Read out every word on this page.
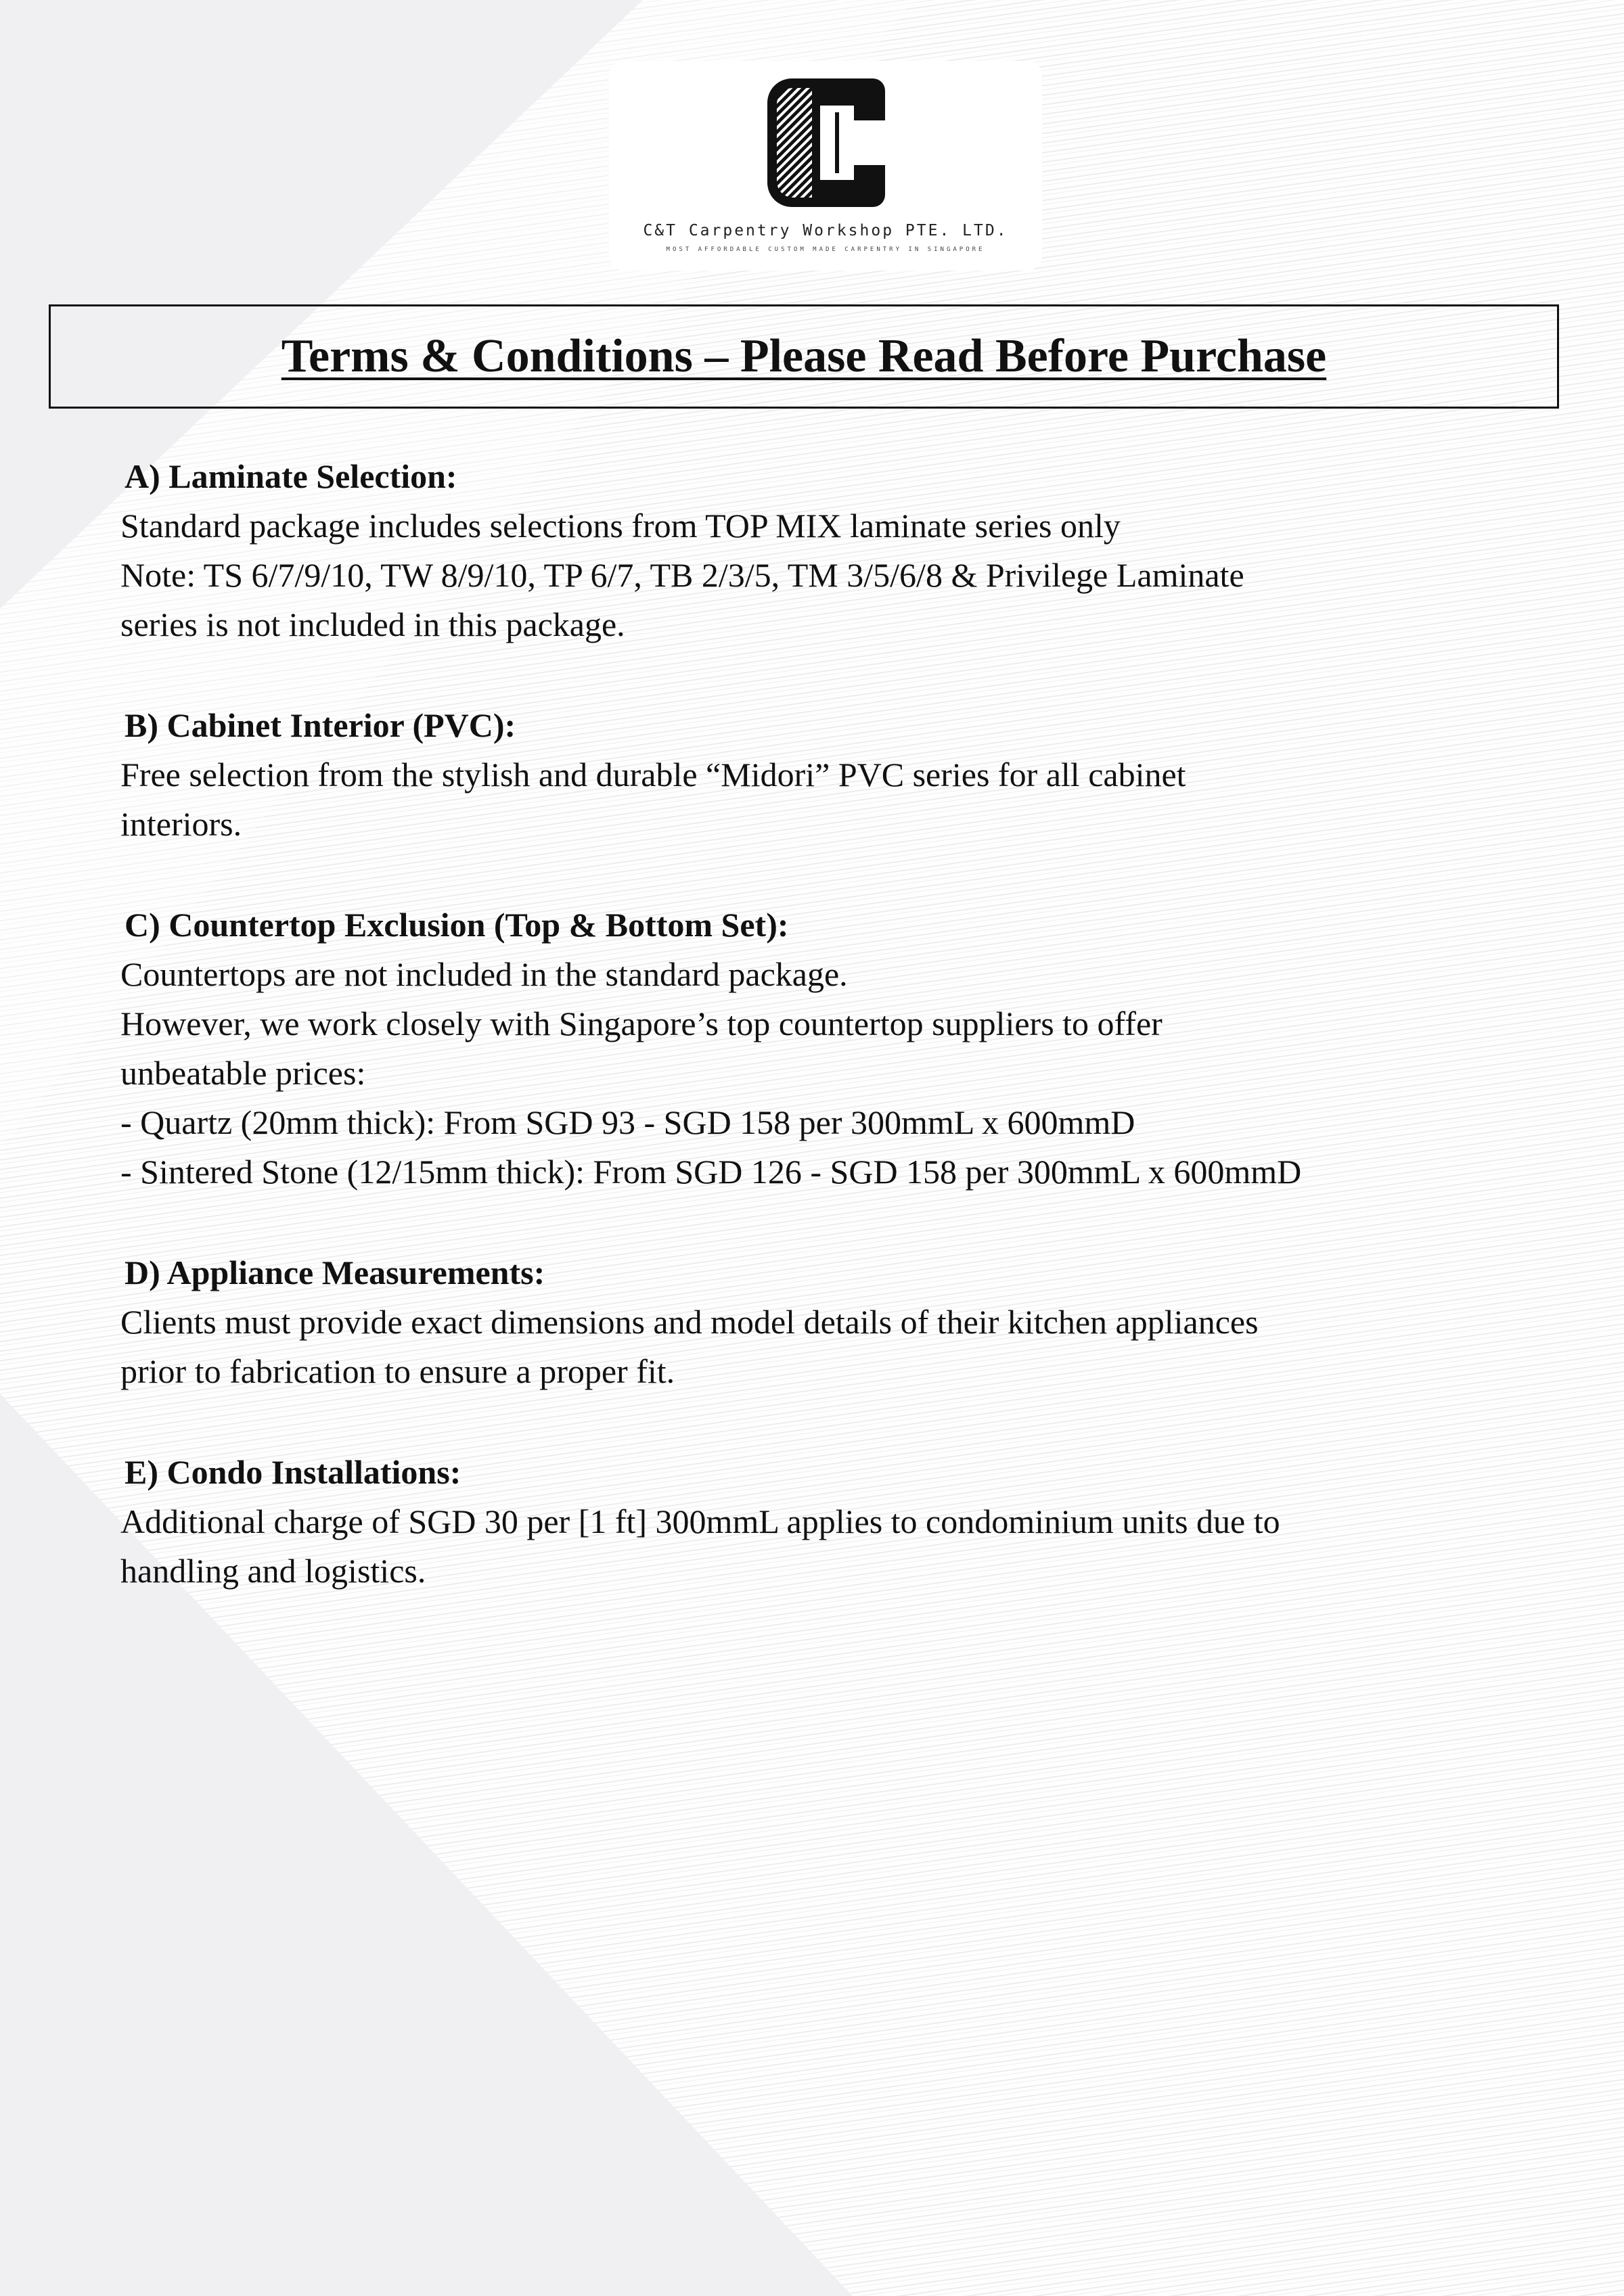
C&T Carpentry Workshop PTE. LTD.
MOST AFFORDABLE CUSTOM MADE CARPENTRY IN SINGAPORE
Terms & Conditions – Please Read Before Purchase
A) Laminate Selection:
Standard package includes selections from TOP MIX laminate series only
Note: TS 6/7/9/10, TW 8/9/10, TP 6/7, TB 2/3/5, TM 3/5/6/8 & Privilege Laminate
series is not included in this package.
B) Cabinet Interior (PVC):
Free selection from the stylish and durable “Midori” PVC series for all cabinet
interiors.
C) Countertop Exclusion (Top & Bottom Set):
Countertops are not included in the standard package.
However, we work closely with Singapore’s top countertop suppliers to offer
unbeatable prices:
- Quartz (20mm thick): From SGD 93 - SGD 158 per 300mmL x 600mmD
- Sintered Stone (12/15mm thick): From SGD 126 - SGD 158 per 300mmL x 600mmD
D) Appliance Measurements:
Clients must provide exact dimensions and model details of their kitchen appliances
prior to fabrication to ensure a proper fit.
E) Condo Installations:
Additional charge of SGD 30 per [1 ft] 300mmL applies to condominium units due to
handling and logistics.
